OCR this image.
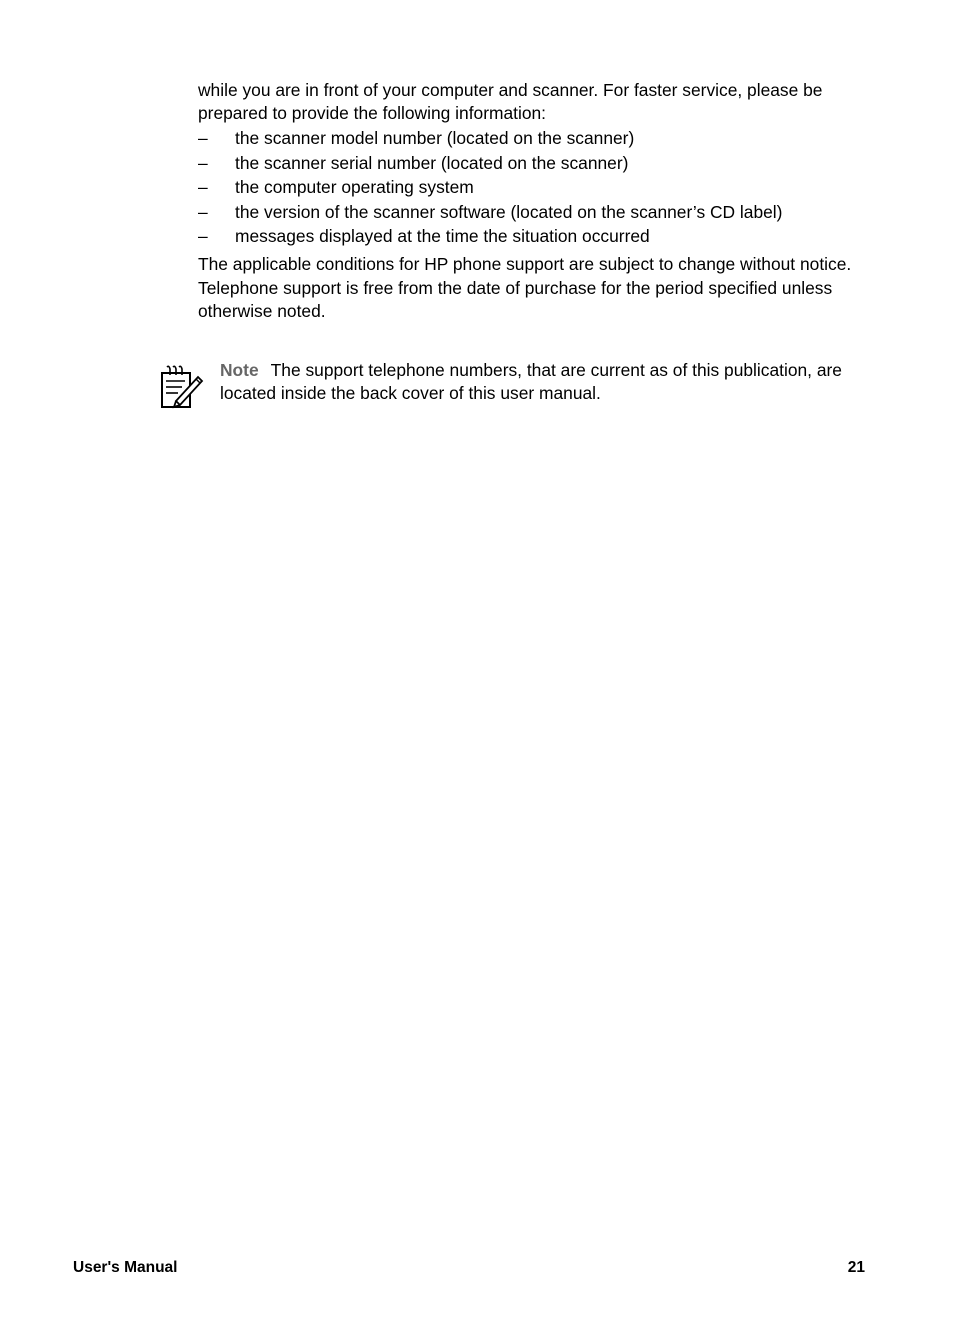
while you are in front of your computer and scanner. For faster service, please be prepared to provide the following information:

– the scanner model number (located on the scanner)
– the scanner serial number (located on the scanner)
– the computer operating system
– the version of the scanner software (located on the scanner’s CD label)
– messages displayed at the time the situation occurred

The applicable conditions for HP phone support are subject to change without notice.

Telephone support is free from the date of purchase for the period specified unless otherwise noted.

Note The support telephone numbers, that are current as of this publication, are located inside the back cover of this user manual.
User's Manual	21
